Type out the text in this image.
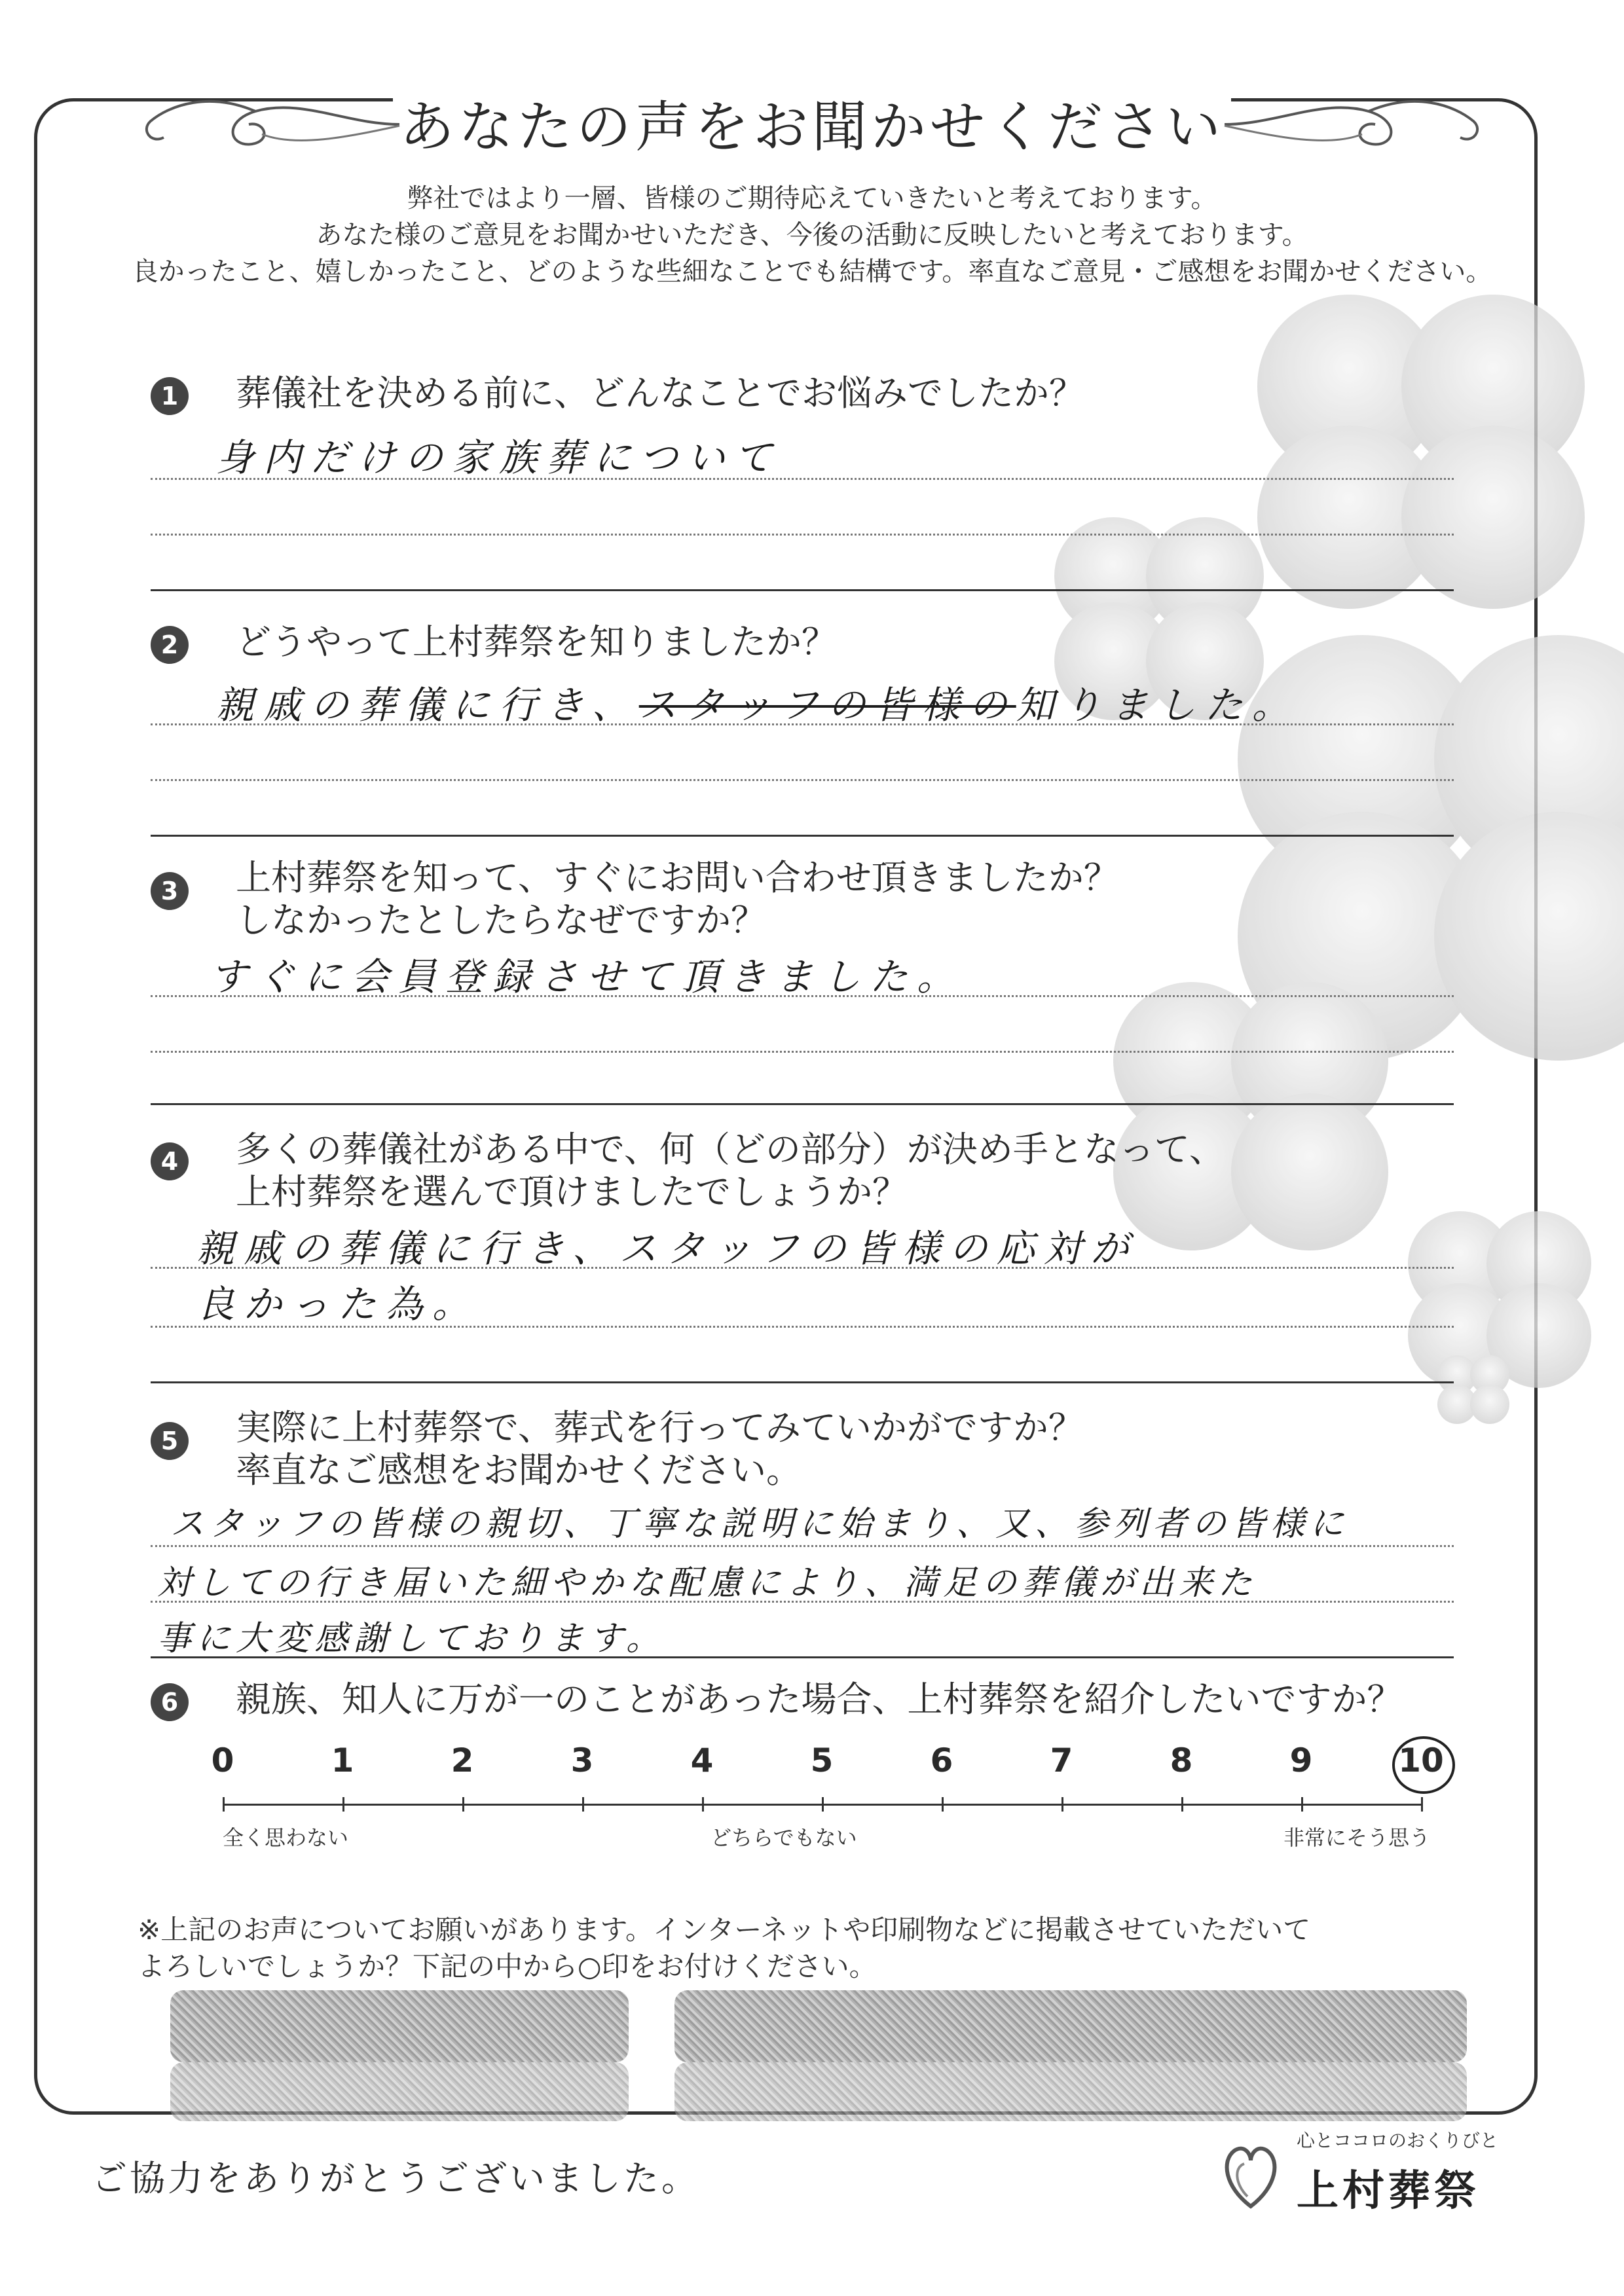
あなたの声をお聞かせください
弊社ではより一層、皆様のご期待応えていきたいと考えております。
あなた様のご意見をお聞かせいただき、今後の活動に反映したいと考えております。
良かったこと、嬉しかったこと、どのような些細なことでも結構です。率直なご意見・ご感想をお聞かせください。
1 葬儀社を決める前に、どんなことでお悩みでしたか？
身内だけの家族葬について
2 どうやって上村葬祭を知りましたか？
親戚の葬儀に行き、スタッフの皆様の知りました。
3 上村葬祭を知って、すぐにお問い合わせ頂きましたか？
しなかったとしたらなぜですか？
すぐに会員登録させて頂きました。
4 多くの葬儀社がある中で、何（どの部分）が決め手となって、
上村葬祭を選んで頂けましたでしょうか？
親戚の葬儀に行き、スタッフの皆様の応対が
良かった為。
5 実際に上村葬祭で、葬式を行ってみていかがですか？
率直なご感想をお聞かせください。
スタッフの皆様の親切、丁寧な説明に始まり、又、参列者の皆様に
対しての行き届いた細やかな配慮により、満足の葬儀が出来た
事に大変感謝しております。
6 親族、知人に万が一のことがあった場合、上村葬祭を紹介したいですか？
0	1	2	3	4	5	6	7	8	9	10
全く思わない	どちらでもない	非常にそう思う
※上記のお声についてお願いがあります。インターネットや印刷物などに掲載させていただいて
よろしいでしょうか？下記の中から○印をお付けください。
ご協力をありがとうございました。
心とココロのおくりびと
上村葬祭
